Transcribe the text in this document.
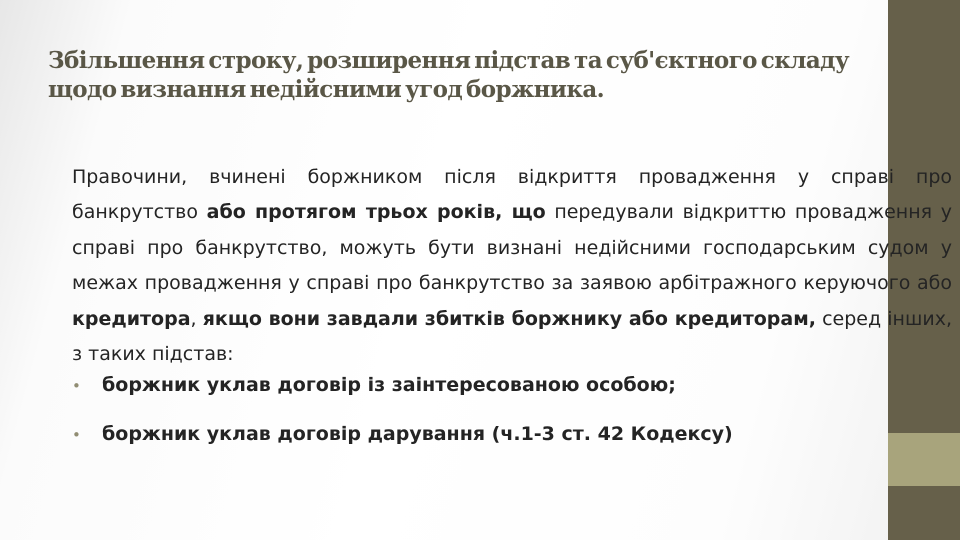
Збільшення строку, розширення підстав та суб'єктного складу щодо визнання недійсними угод боржника.
Правочини, вчинені боржником після відкриття провадження у справі про банкрутство або протягом трьох років, що передували відкриттю провадження у справі про банкрутство, можуть бути визнані недійсними господарським судом у межах провадження у справі про банкрутство за заявою арбітражного керуючого або кредитора, якщо вони завдали збитків боржнику або кредиторам, серед інших, з таких підстав:
•	боржник уклав договір із заінтересованою особою;
•	боржник уклав договір дарування (ч.1-3 ст. 42 Кодексу)
